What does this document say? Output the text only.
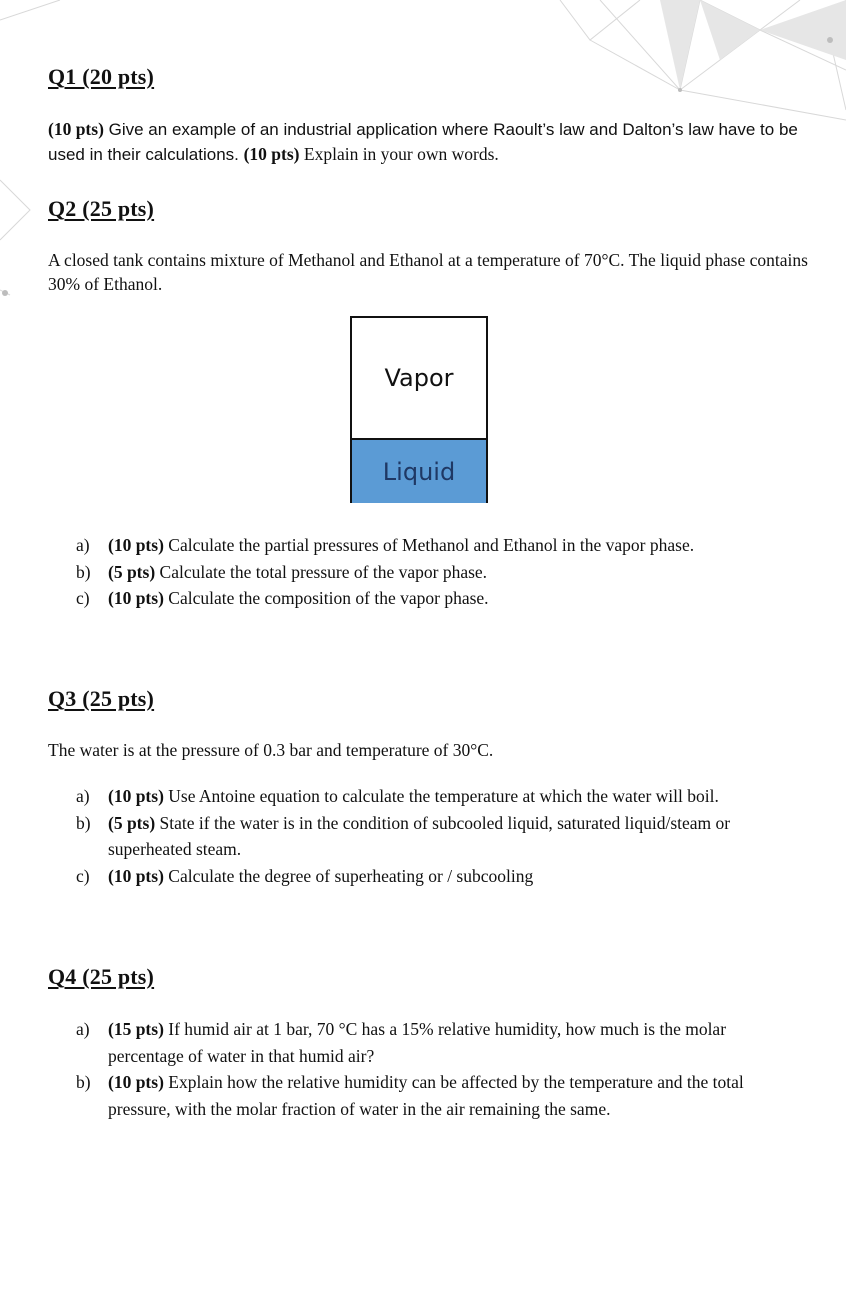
Q1 (20 pts)
(10 pts) Give an example of an industrial application where Raoult’s law and Dalton’s law have to be used in their calculations. (10 pts) Explain in your own words.
Q2 (25 pts)
A closed tank contains mixture of Methanol and Ethanol at a temperature of 70°C. The liquid phase contains 30% of Ethanol.
a) (10 pts) Calculate the partial pressures of Methanol and Ethanol in the vapor phase.
b) (5 pts) Calculate the total pressure of the vapor phase.
c) (10 pts) Calculate the composition of the vapor phase.
Q3 (25 pts)
The water is at the pressure of 0.3 bar and temperature of 30°C.
a) (10 pts) Use Antoine equation to calculate the temperature at which the water will boil.
b) (5 pts) State if the water is in the condition of subcooled liquid, saturated liquid/steam or superheated steam.
c) (10 pts) Calculate the degree of superheating or / subcooling
Q4 (25 pts)
a) (15 pts) If humid air at 1 bar, 70 °C has a 15% relative humidity, how much is the molar percentage of water in that humid air?
b) (10 pts) Explain how the relative humidity can be affected by the temperature and the total pressure, with the molar fraction of water in the air remaining the same.
Vapor
Liquid
